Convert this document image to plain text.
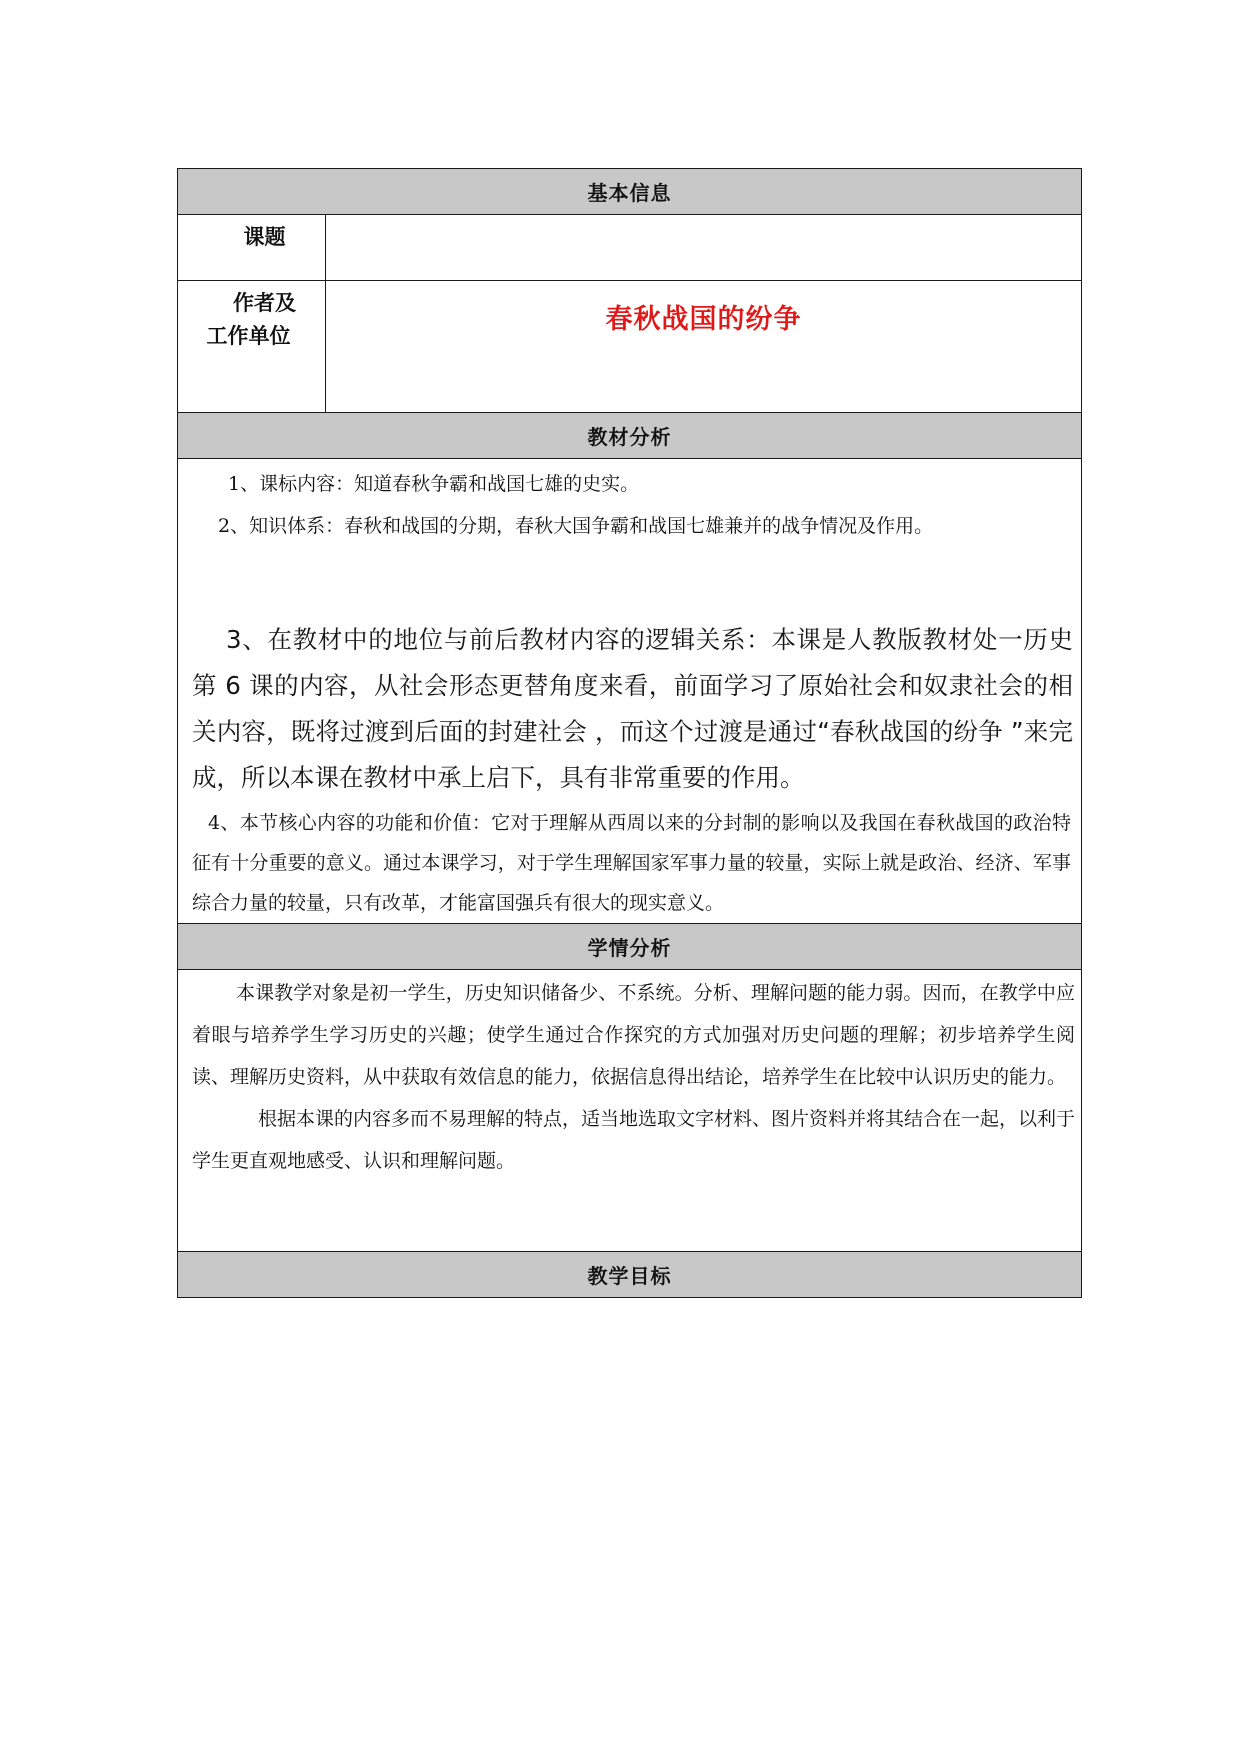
基本信息	

课题	

作者及
工作单位	春秋战国的纷争

教材分析	

1、课标内容：知道春秋争霸和战国七雄的史实。

2、知识体系：春秋和战国的分期，春秋大国争霸和战国七雄兼并的战争情况及作用。

3、在教材中的地位与前后教材内容的逻辑关系：本课是人教版教材处一历史第 6 课的内容，从社会形态更替角度来看，前面学习了原始社会和奴隶社会的相关内容，既将过渡到后面的封建社会 ，而这个过渡是通过“春秋战国的纷争 ”来完成，所以本课在教材中承上启下，具有非常重要的作用。

4、本节核心内容的功能和价值：它对于理解从西周以来的分封制的影响以及我国在春秋战国的政治特征有十分重要的意义。通过本课学习，对于学生理解国家军事力量的较量，实际上就是政治、经济、军事综合力量的较量，只有改革，才能富国强兵有很大的现实意义。	

学情分析	

本课教学对象是初一学生，历史知识储备少、不系统。分析、理解问题的能力弱。因而，在教学中应着眼与培养学生学习历史的兴趣；使学生通过合作探究的方式加强对历史问题的理解；初步培养学生阅读、理解历史资料，从中获取有效信息的能力，依据信息得出结论，培养学生在比较中认识历史的能力。

根据本课的内容多而不易理解的特点，适当地选取文字材料、图片资料并将其结合在一起，以利于学生更直观地感受、认识和理解问题。	

教学目标	
